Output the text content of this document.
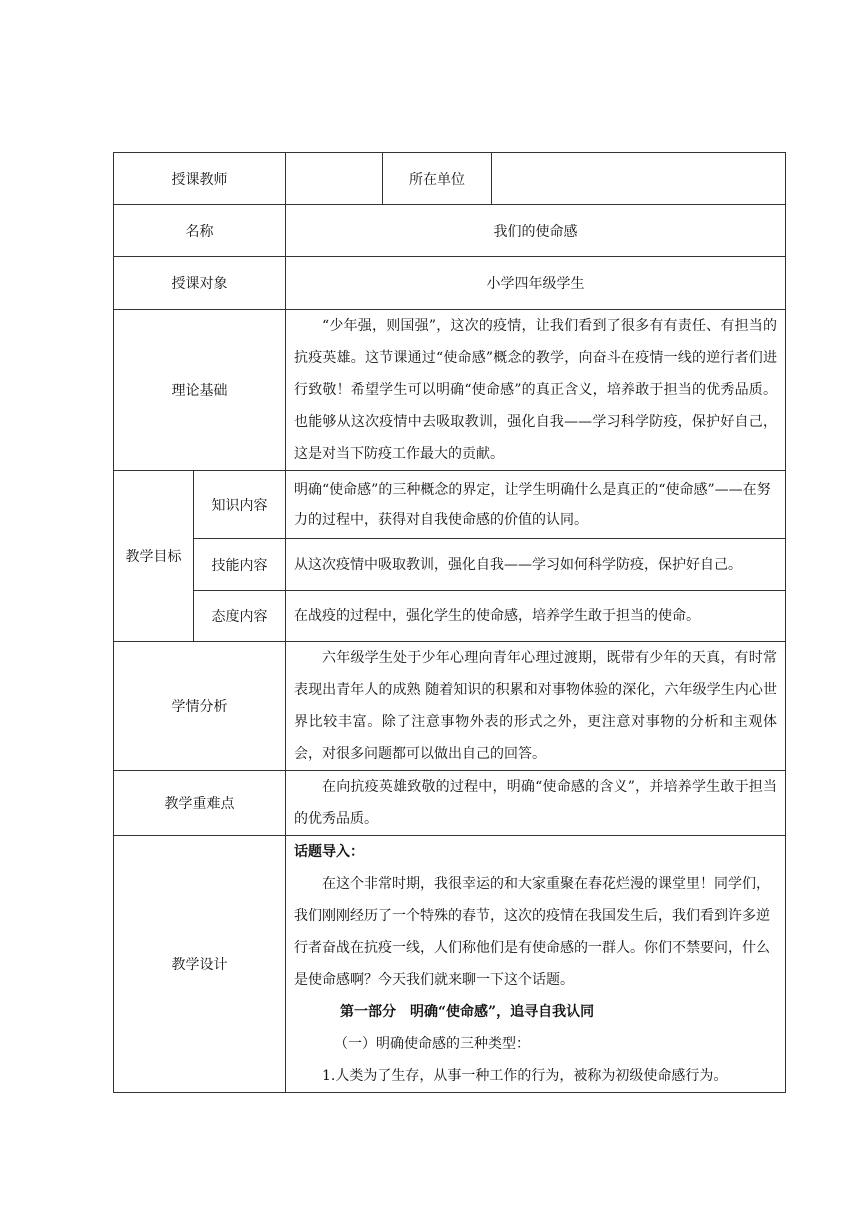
授课教师			所在单位	
名称		我们的使命感		
授课对象		小学四年级学生		
理论基础		“少年强，则国强”，这次的疫情，让我们看到了很多有有责任、有担当的抗疫英雄。这节课通过“使命感”概念的教学，向奋斗在疫情一线的逆行者们进行致敬！希望学生可以明确“使命感”的真正含义，培养敢于担当的优秀品质。也能够从这次疫情中去吸取教训，强化自我——学习科学防疫，保护好自己，这是对当下防疫工作最大的贡献。		

教学目标	知识内容	明确“使命感”的三种概念的界定，让学生明确什么是真正的“使命感”——在努力的过程中，获得对自我使命感的价值的认同。		
	技能内容	从这次疫情中吸取教训，强化自我——学习如何科学防疫，保护好自己。		
	态度内容	在战疫的过程中，强化学生的使命感，培养学生敢于担当的使命。		
学情分析		六年级学生处于少年心理向青年心理过渡期，既带有少年的天真，有时常表现出青年人的成熟 随着知识的积累和对事物体验的深化，六年级学生内心世界比较丰富。除了注意事物外表的形式之外，更注意对事物的分析和主观体会，对很多问题都可以做出自己的回答。		

教学重难点		在向抗疫英雄致敬的过程中，明确“使命感的含义”，并培养学生敢于担当的优秀品质。		

教学设计		话题导入：

在这个非常时期，我很幸运的和大家重聚在春花烂漫的课堂里！同学们，我们刚刚经历了一个特殊的春节，这次的疫情在我国发生后，我们看到许多逆行者奋战在抗疫一线，人们称他们是有使命感的一群人。你们不禁要问，什么是使命感啊？今天我们就来聊一下这个话题。

第一部分　明确“使命感”，追寻自我认同

（一）明确使命感的三种类型：

1.人类为了生存，从事一种工作的行为，被称为初级使命感行为。		
